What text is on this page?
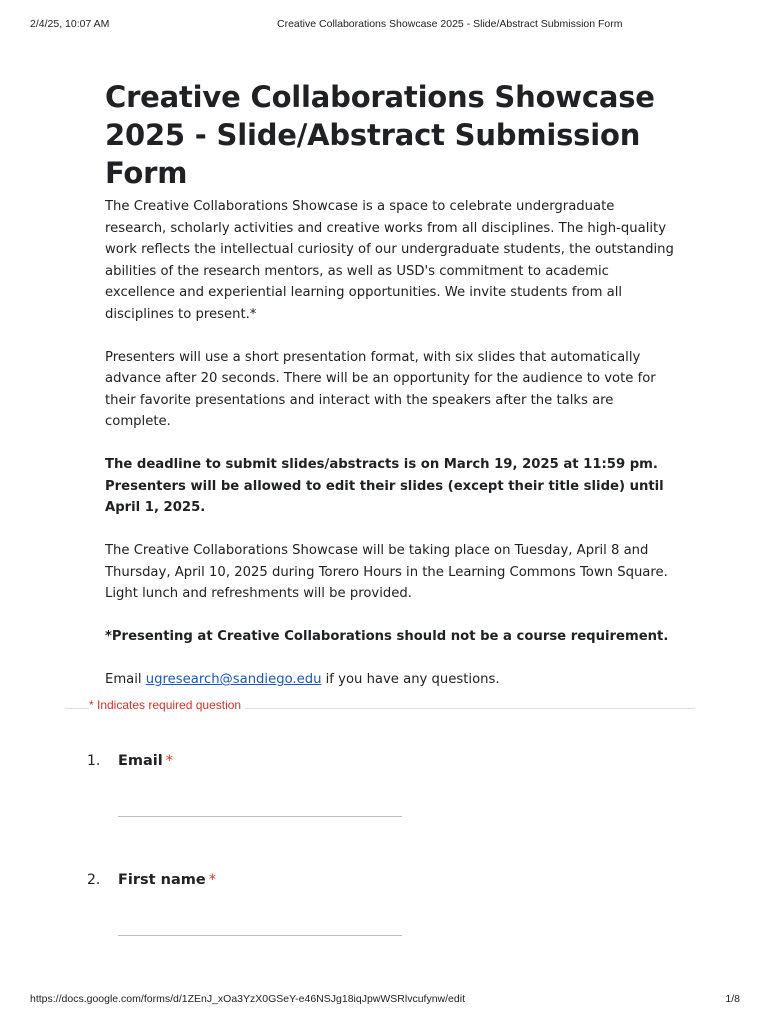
2/4/25, 10:07 AM	Creative Collaborations Showcase 2025 - Slide/Abstract Submission Form
Creative Collaborations Showcase 2025 - Slide/Abstract Submission Form

The Creative Collaborations Showcase is a space to celebrate undergraduate research, scholarly activities and creative works from all disciplines. The high-quality work reflects the intellectual curiosity of our undergraduate students, the outstanding abilities of the research mentors, as well as USD's commitment to academic excellence and experiential learning opportunities. We invite students from all disciplines to present.*

Presenters will use a short presentation format, with six slides that automatically advance after 20 seconds. There will be an opportunity for the audience to vote for their favorite presentations and interact with the speakers after the talks are complete.

The deadline to submit slides/abstracts is on March 19, 2025 at 11:59 pm. Presenters will be allowed to edit their slides (except their title slide) until April 1, 2025.

The Creative Collaborations Showcase will be taking place on Tuesday, April 8 and Thursday, April 10, 2025 during Torero Hours in the Learning Commons Town Square. Light lunch and refreshments will be provided.

*Presenting at Creative Collaborations should not be a course requirement.

Email ugresearch@sandiego.edu if you have any questions.

* Indicates required question
1. Email *
2. First name *
https://docs.google.com/forms/d/1ZEnJ_xOa3YzX0GSeY-e46NSJg18iqJpwWSRlvcufynw/edit	1/8
